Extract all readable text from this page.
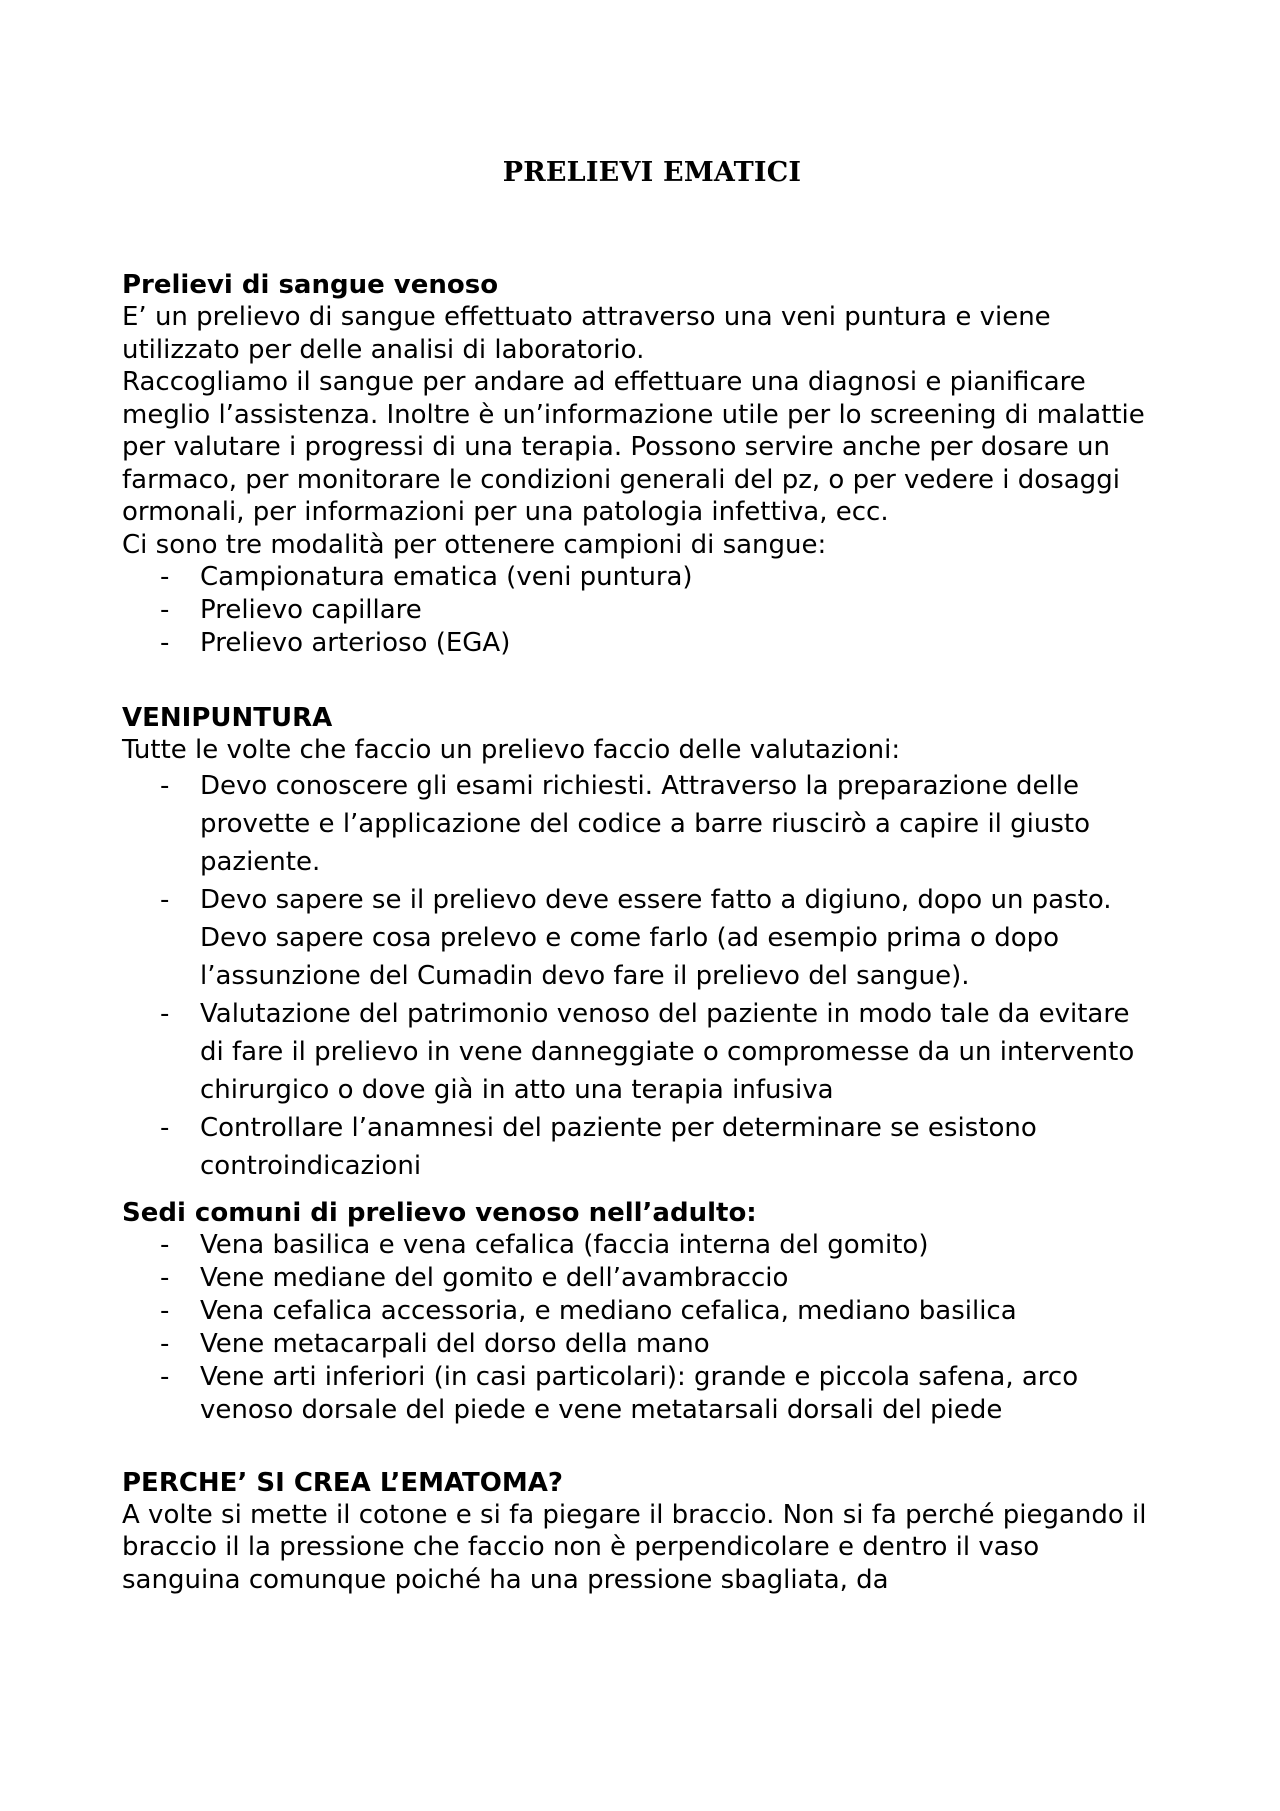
PRELIEVI EMATICI
Prelievi di sangue venoso

E’ un prelievo di sangue effettuato attraverso una veni puntura e viene utilizzato per delle analisi di laboratorio.

Raccogliamo il sangue per andare ad effettuare una diagnosi e pianificare meglio l’assistenza. Inoltre è un’informazione utile per lo screening di malattie per valutare i progressi di una terapia. Possono servire anche per dosare un farmaco, per monitorare le condizioni generali del pz, o per vedere i dosaggi ormonali, per informazioni per una patologia infettiva, ecc.

Ci sono tre modalità per ottenere campioni di sangue:

- Campionatura ematica (veni puntura)
- Prelievo capillare
- Prelievo arterioso (EGA)
VENIPUNTURA

Tutte le volte che faccio un prelievo faccio delle valutazioni:

- Devo conoscere gli esami richiesti. Attraverso la preparazione delle provette e l’applicazione del codice a barre riuscirò a capire il giusto paziente.
- Devo sapere se il prelievo deve essere fatto a digiuno, dopo un pasto. Devo sapere cosa prelevo e come farlo (ad esempio prima o dopo l’assunzione del Cumadin devo fare il prelievo del sangue).
- Valutazione del patrimonio venoso del paziente in modo tale da evitare di fare il prelievo in vene danneggiate o compromesse da un intervento chirurgico o dove già in atto una terapia infusiva
- Controllare l’anamnesi del paziente per determinare se esistono controindicazioni
Sedi comuni di prelievo venoso nell’adulto:
- Vena basilica e vena cefalica (faccia interna del gomito)
- Vene mediane del gomito e dell’avambraccio
- Vena cefalica accessoria, e mediano cefalica, mediano basilica
- Vene metacarpali del dorso della mano
- Vene arti inferiori (in casi particolari): grande e piccola safena, arco venoso dorsale del piede e vene metatarsali dorsali del piede
PERCHE’ SI CREA L’EMATOMA?

A volte si mette il cotone e si fa piegare il braccio. Non si fa perché piegando il braccio il la pressione che faccio non è perpendicolare e dentro il vaso sanguina comunque poiché ha una pressione sbagliata, da
